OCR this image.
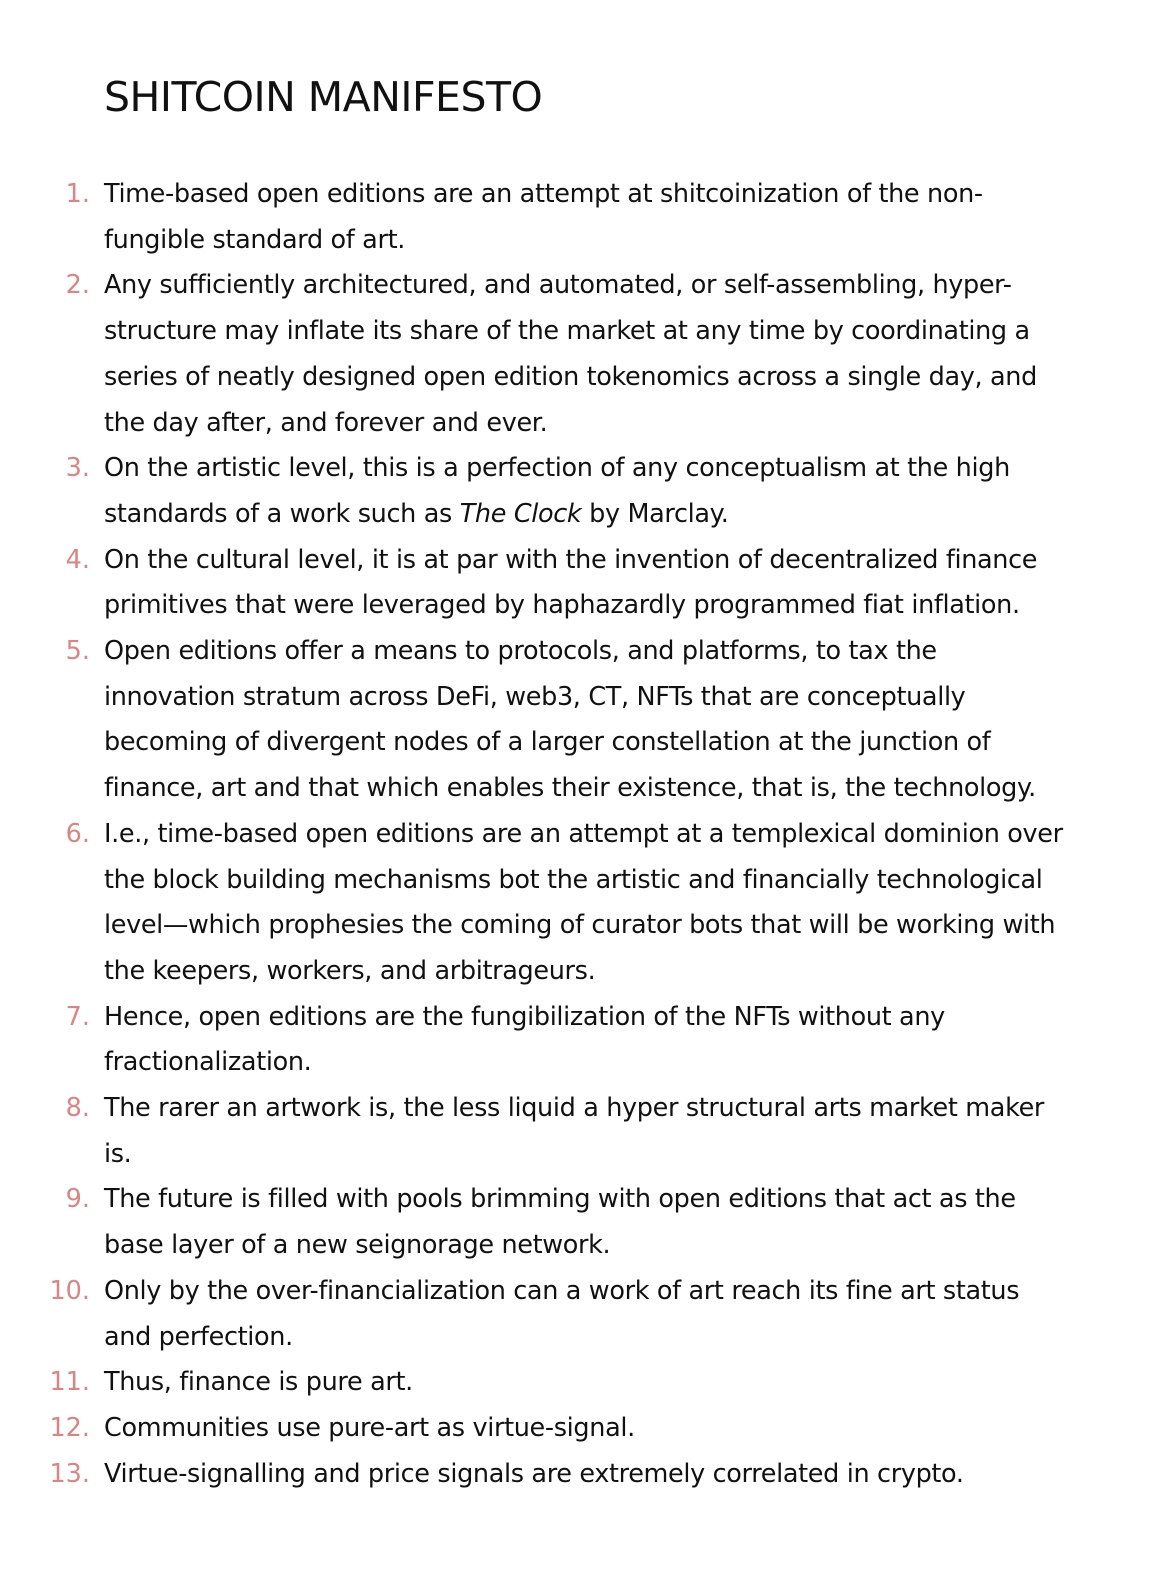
SHITCOIN MANIFESTO
1. Time-based open editions are an attempt at shitcoinization of the non-fungible standard of art.
2. Any sufficiently architectured, and automated, or self-assembling, hyper-structure may inflate its share of the market at any time by coordinating a series of neatly designed open edition tokenomics across a single day, and the day after, and forever and ever.
3. On the artistic level, this is a perfection of any conceptualism at the high standards of a work such as The Clock by Marclay.
4. On the cultural level, it is at par with the invention of decentralized finance primitives that were leveraged by haphazardly programmed fiat inflation.
5. Open editions offer a means to protocols, and platforms, to tax the innovation stratum across DeFi, web3, CT, NFTs that are conceptually becoming of divergent nodes of a larger constellation at the junction of finance, art and that which enables their existence, that is, the technology.
6. I.e., time-based open editions are an attempt at a templexical dominion over the block building mechanisms bot the artistic and financially technological level—which prophesies the coming of curator bots that will be working with the keepers, workers, and arbitrageurs.
7. Hence, open editions are the fungibilization of the NFTs without any fractionalization.
8. The rarer an artwork is, the less liquid a hyper structural arts market maker is.
9. The future is filled with pools brimming with open editions that act as the base layer of a new seignorage network.
10. Only by the over-financialization can a work of art reach its fine art status and perfection.
11. Thus, finance is pure art.
12. Communities use pure-art as virtue-signal.
13. Virtue-signalling and price signals are extremely correlated in crypto.
